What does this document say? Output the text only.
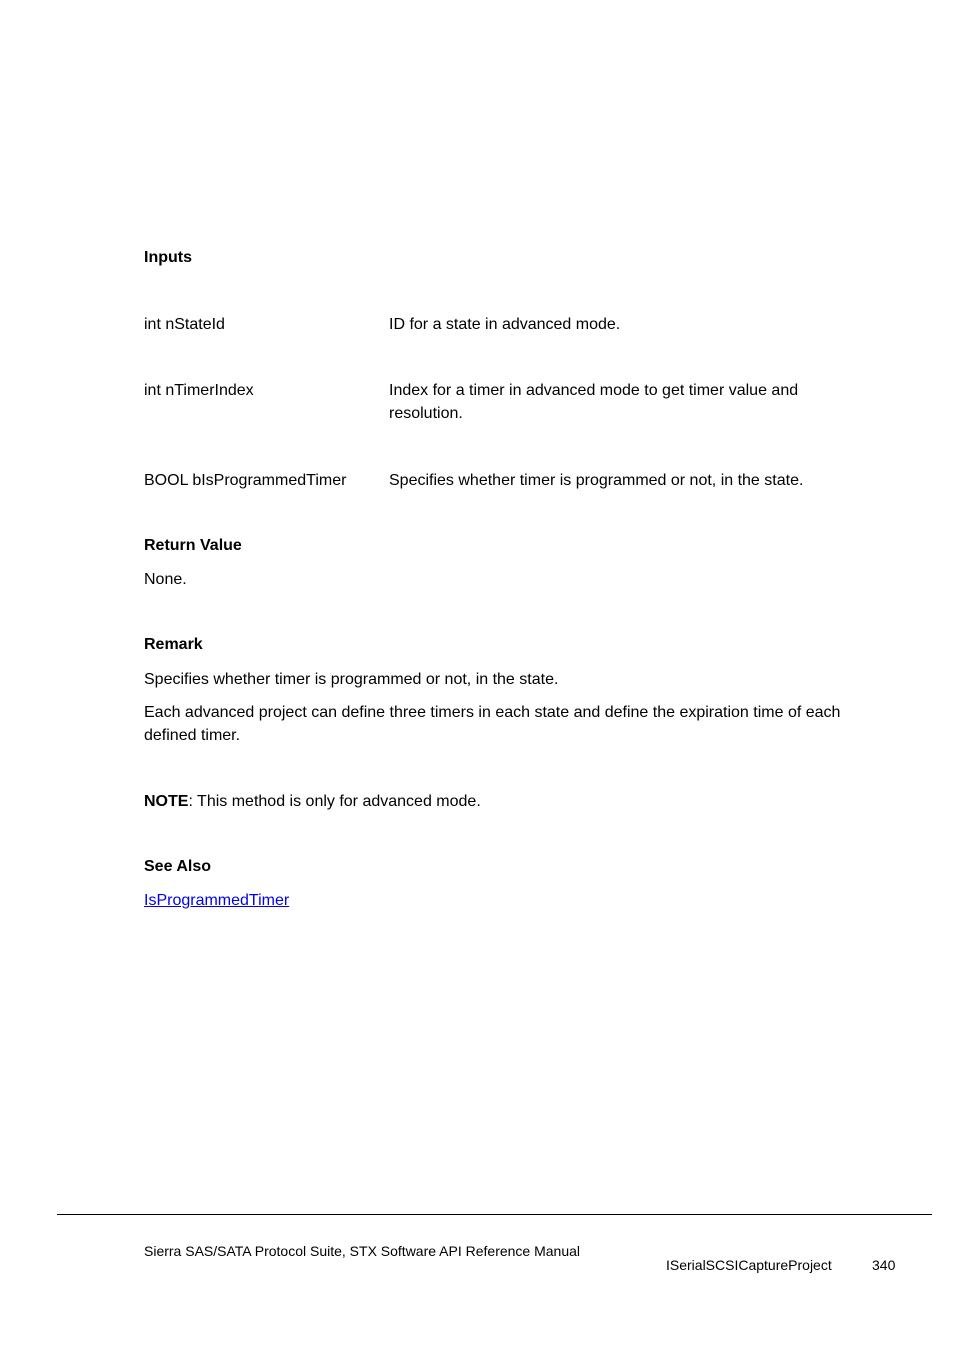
Inputs
int nStateId	ID for a state in advanced mode.
int nTimerIndex	Index for a timer in advanced mode to get timer value and resolution.
BOOL bIsProgrammedTimer	Specifies whether timer is programmed or not, in the state.
Return Value
None.
Remark
Specifies whether timer is programmed or not, in the state.
Each advanced project can define three timers in each state and define the expiration time of each defined timer.
NOTE: This method is only for advanced mode.
See Also
IsProgrammedTimer
Sierra SAS/SATA Protocol Suite, STX Software API Reference Manual
ISerialSCSICaptureProject	340
